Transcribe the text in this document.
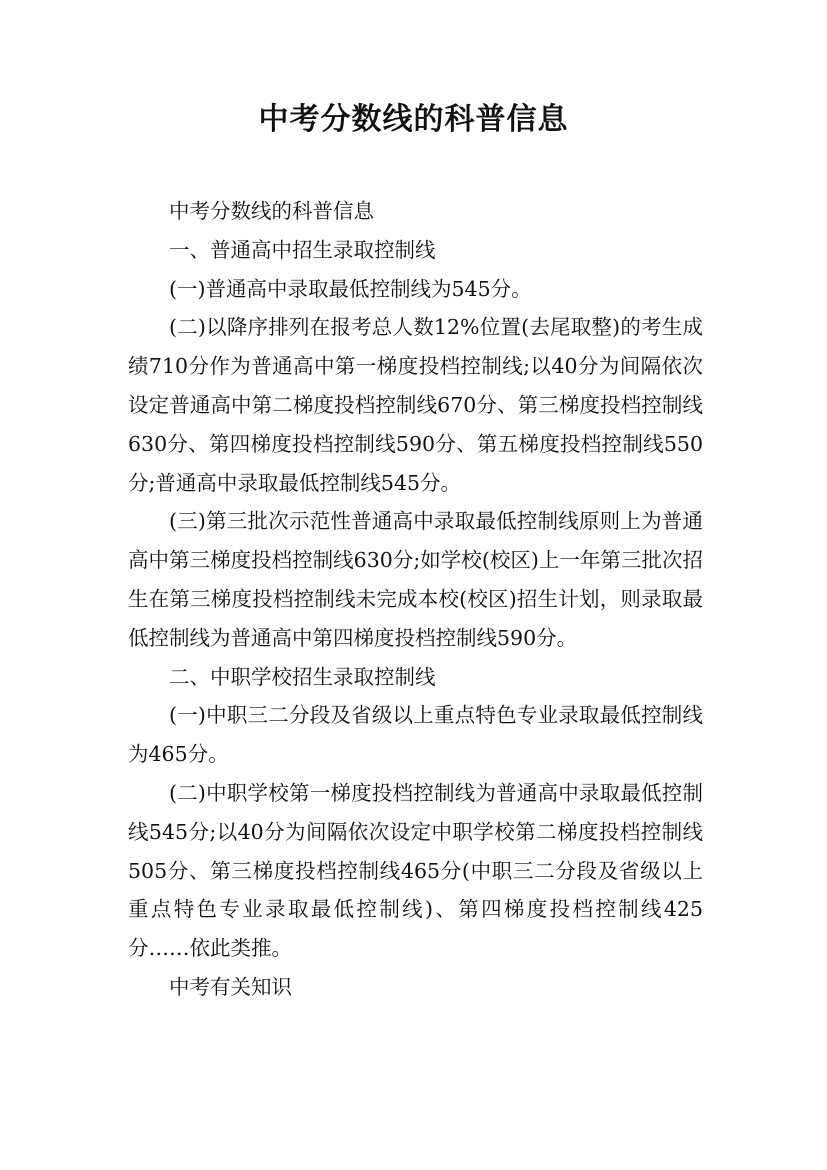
中考分数线的科普信息

中考分数线的科普信息

一、普通高中招生录取控制线

(一)普通高中录取最低控制线为545分。

(二)以降序排列在报考总人数12%位置(去尾取整)的考生成绩710分作为普通高中第一梯度投档控制线;以40分为间隔依次设定普通高中第二梯度投档控制线670分、第三梯度投档控制线630分、第四梯度投档控制线590分、第五梯度投档控制线550分;普通高中录取最低控制线545分。

(三)第三批次示范性普通高中录取最低控制线原则上为普通高中第三梯度投档控制线630分;如学校(校区)上一年第三批次招生在第三梯度投档控制线未完成本校(校区)招生计划，则录取最低控制线为普通高中第四梯度投档控制线590分。

二、中职学校招生录取控制线

(一)中职三二分段及省级以上重点特色专业录取最低控制线为465分。

(二)中职学校第一梯度投档控制线为普通高中录取最低控制线545分;以40分为间隔依次设定中职学校第二梯度投档控制线505分、第三梯度投档控制线465分(中职三二分段及省级以上重点特色专业录取最低控制线)、第四梯度投档控制线425分……依此类推。

中考有关知识
